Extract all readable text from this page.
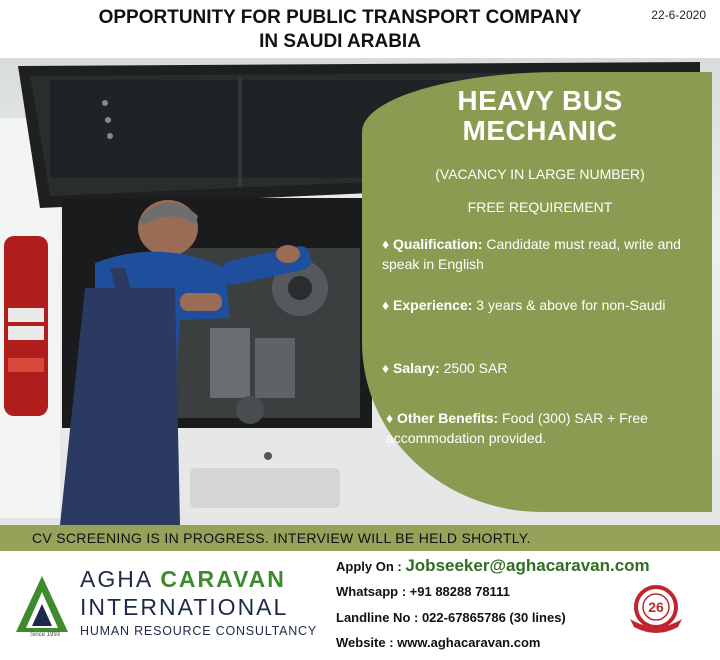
OPPORTUNITY FOR PUBLIC TRANSPORT COMPANY
IN SAUDI ARABIA
22-6-2020
HEAVY BUS
MECHANIC
(VACANCY IN LARGE NUMBER)
FREE REQUIREMENT
♦ Qualification: Candidate must read, write and speak in English
♦ Experience: 3 years & above for non-Saudi
♦ Salary: 2500 SAR
♦ Other Benefits: Food (300) SAR + Free accommodation provided.
CV SCREENING IS IN PROGRESS. INTERVIEW WILL BE HELD SHORTLY.
Since 1993
AGHA CARAVAN
INTERNATIONAL
HUMAN RESOURCE CONSULTANCY
Apply On : Jobseeker@aghacaravan.com
Whatsapp : +91 88288 78111
Landline No : 022-67865786 (30 lines)
Website : www.aghacaravan.com
26
